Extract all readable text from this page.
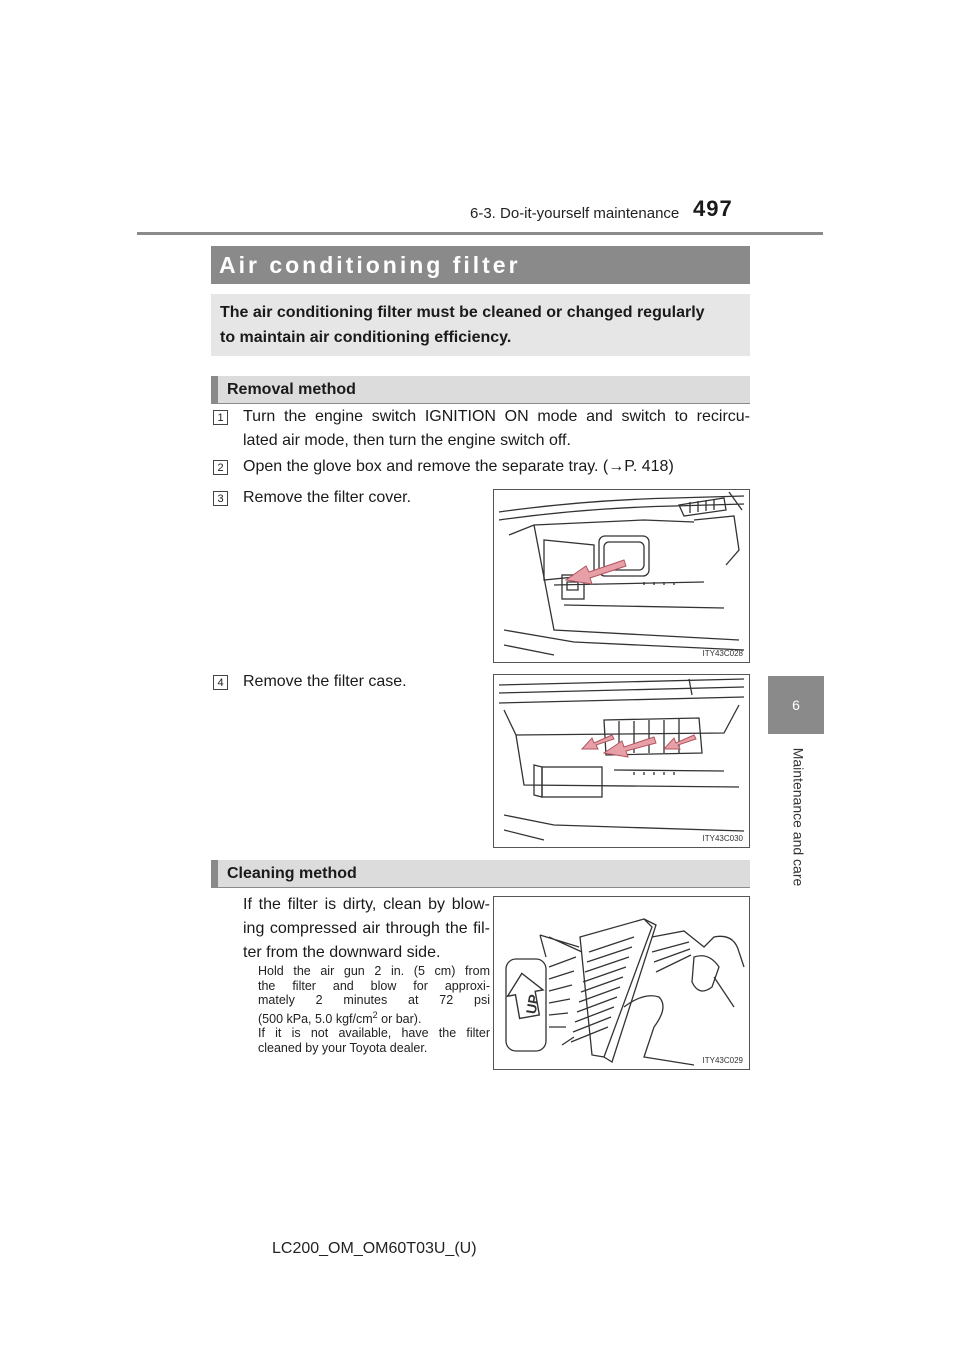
6-3. Do-it-yourself maintenance 497
6
Maintenance and care
Air conditioning filter
The air conditioning filter must be cleaned or changed regularly
to maintain air conditioning efficiency.
Removal method
1 Turn the engine switch IGNITION ON mode and switch to recircu-
lated air mode, then turn the engine switch off.
2 Open the glove box and remove the separate tray. (→P. 418)
3 Remove the filter cover.
ITY43C028
4 Remove the filter case.
ITY43C030
Cleaning method
If the filter is dirty, clean by blow-
ing compressed air through the fil-
ter from the downward side.
Hold the air gun 2 in. (5 cm) from
the filter and blow for approxi-
mately 2 minutes at 72 psi
(500 kPa, 5.0 kgf/$cm^2$ or bar).
If it is not available, have the filter
cleaned by your Toyota dealer.
UP
ITY43C029
LC200_OM_OM60T03U_(U)
